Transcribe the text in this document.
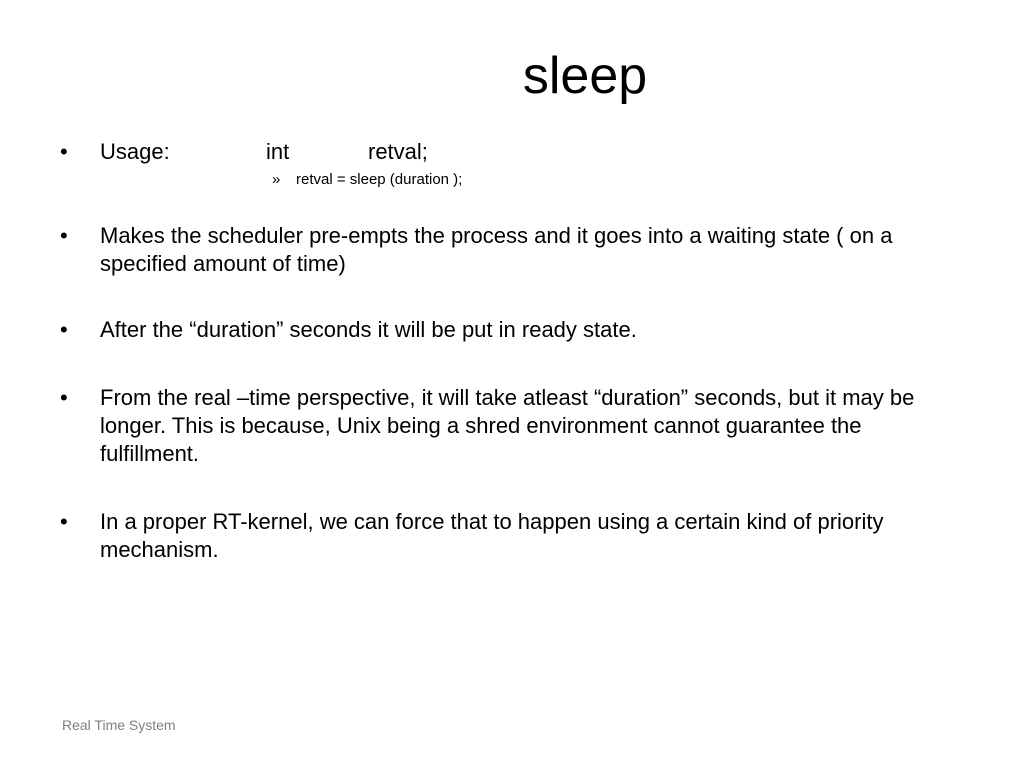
sleep
•	Usage:	int	retval;
» retval = sleep (duration );
•	Makes the scheduler pre-empts the process and it goes into a waiting state ( on a specified amount of time)
•	After the “duration” seconds it will be put in ready state.
•	From the real –time perspective, it will take atleast “duration” seconds, but it may be longer. This is because, Unix being a shred environment cannot guarantee the fulfillment.
•	In a proper RT-kernel, we can force that to happen using a certain kind of priority mechanism.
Real Time System
